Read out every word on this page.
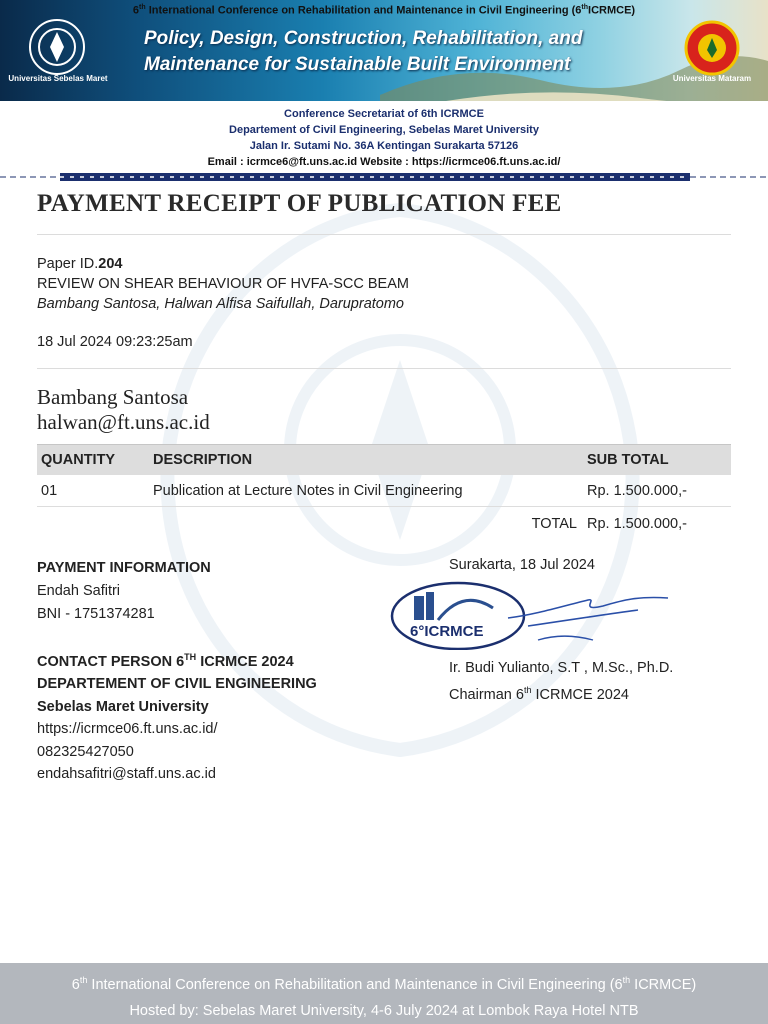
6th International Conference on Rehabilitation and Maintenance in Civil Engineering (6thICRMCE)
Policy, Design, Construction, Rehabilitation, and
Maintenance for Sustainable Built Environment
Universitas Sebelas Maret	Universitas Mataram
Conference Secretariat of 6th ICRMCE
Departement of Civil Engineering, Sebelas Maret University
Jalan Ir. Sutami No. 36A Kentingan Surakarta 57126
Email : icrmce6@ft.uns.ac.id Website : https://icrmce06.ft.uns.ac.id/
PAYMENT RECEIPT OF PUBLICATION FEE
Paper ID.204
REVIEW ON SHEAR BEHAVIOUR OF HVFA-SCC BEAM
Bambang Santosa, Halwan Alfisa Saifullah, Darupratomo
18 Jul 2024 09:23:25am
Bambang Santosa
halwan@ft.uns.ac.id
QUANTITY	DESCRIPTION	SUB TOTAL
01	Publication at Lecture Notes in Civil Engineering	Rp. 1.500.000,-
TOTAL Rp. 1.500.000,-
PAYMENT INFORMATION
Endah Safitri
BNI - 1751374281
CONTACT PERSON 6TH ICRMCE 2024
DEPARTEMENT OF CIVIL ENGINEERING
Sebelas Maret University
https://icrmce06.ft.uns.ac.id/
082325427050
endahsafitri@staff.uns.ac.id
Surakarta, 18 Jul 2024
6°ICRMCE
Ir. Budi Yulianto, S.T , M.Sc., Ph.D.
Chairman 6th ICRMCE 2024
6th International Conference on Rehabilitation and Maintenance in Civil Engineering (6th ICRMCE)
Hosted by: Sebelas Maret University, 4-6 July 2024 at Lombok Raya Hotel NTB
